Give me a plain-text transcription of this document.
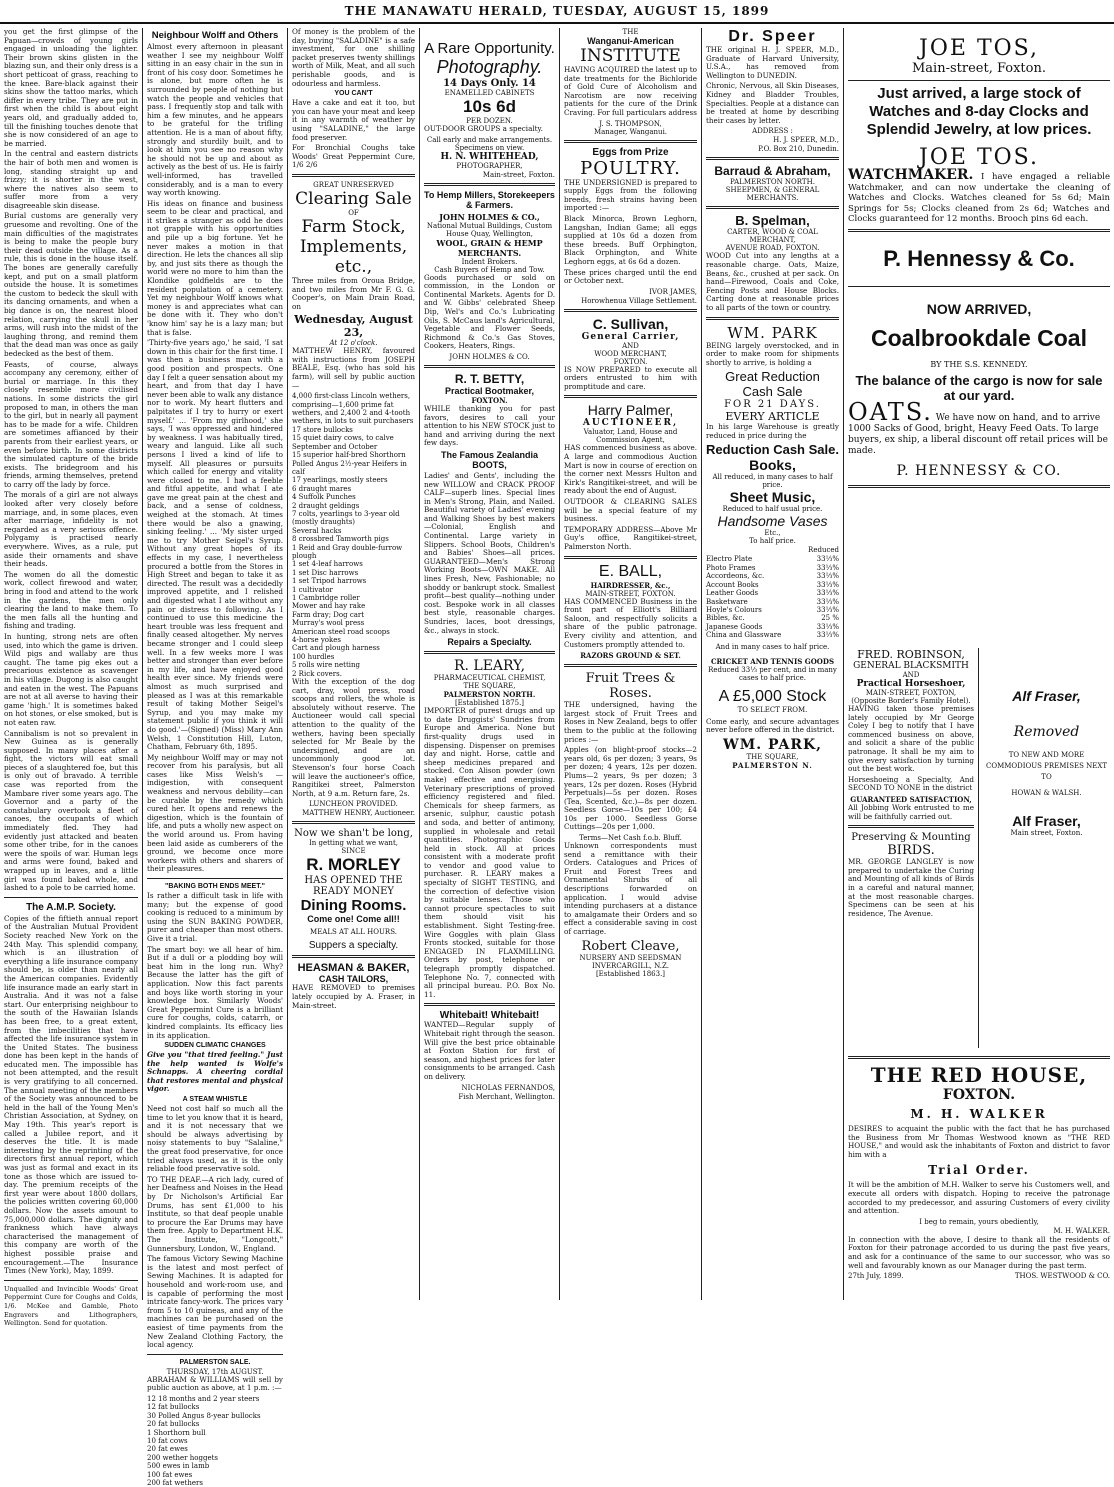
THE MANAWATU HERALD, TUESDAY, AUGUST 15, 1899

you get the first glimpse of the Papuan—crowds of young girls engaged in unloading the lighter. Their brown skins glisten in the blazing sun, and their only dress is a short petticoat of grass, reaching to the knee. Bare-black against their skins show the tattoo marks, which differ in every tribe. They are put in first when the child is about eight years old, and gradually added to, till the finishing touches denote that she is now considered of an age to be married.

In the central and eastern districts the hair of both men and women is long, standing straight up and frizzy; it is shorter in the west, where the natives also seem to suffer more from a very disagreeable skin disease.

Burial customs are generally very gruesome and revolting. One of the main difficulties of the magistrates is being to make the people bury their dead outside the village. As a rule, this is done in the house itself. The bones are generally carefully kept, and put on a small platform outside the house. It is sometimes the custom to bedeck the skull with its dancing ornaments, and when a big dance is on, the nearest blood relation, carrying the skull in her arms, will rush into the midst of the laughing throng, and remind them that the dead man was once as gaily bedecked as the best of them.

Feasts, of course, always accompany any ceremony, either of burial or marriage. In this they closely resemble more civilised nations. In some districts the girl proposed to man, in others the man to the girl, but in nearly all payment has to be made for a wife. Children are sometimes affianced by their parents from their earliest years, or even before birth. In some districts the simulated capture of the bride exists. The bridegroom and his friends, arming themselves, pretend to carry off the lady by force.

The morals of a girl are not always looked after very closely before marriage, and, in some places, even after marriage, infidelity is not regarded as a very serious offence. Polygamy is practised nearly everywhere. Wives, as a rule, put aside their ornaments and shave their heads.

The women do all the domestic work, collect firewood and water, bring in food and attend to the work in the gardens, the men only clearing the land to make them. To the men falls all the hunting and fishing and trading.

In hunting, strong nets are often used, into which the game is driven. Wild pigs and wallaby are thus caught. The tame pig ekes out a precarious existence as scavenger in his village. Dugong is also caught and eaten in the west. The Papuans are not at all averse to having their game 'high.' It is sometimes baked on hot stones, or else smoked, but is not eaten raw.

Cannibalism is not so prevalent in New Guinea as is generally supposed. In many places after a fight, the victors will eat small pieces of a slaughtered foe, but this is only out of bravado. A terrible case was reported from the Mambare river some years ago. The Governor and a party of the constabulary overtook a fleet of canoes, the occupants of which immediately fled. They had evidently just attacked and beaten some other tribe, for in the canoes were the spoils of war. Human legs and arms were found, baked and wrapped up in leaves, and a little girl was found baked whole, and lashed to a pole to be carried home.

The A.M.P. Society.

Copies of the fiftieth annual report of the Australian Mutual Provident Society reached New York on the 24th May. This splendid company, which is an illustration of everything a life insurance company should be, is older than nearly all the American companies. Evidently life insurance made an early start in Australia. And it was not a false start. Our enterprising neighbour to the south of the Hawaiian Islands has been free, to a great extent, from the imbecilities that have affected the life insurance system in the United States. The business done has been kept in the hands of educated men. The impossible has not been attempted, and the result is very gratifying to all concerned. The annual meeting of the members of the Society was announced to be held in the hall of the Young Men's Christian Association, at Sydney, on May 19th. This year's report is called a Jubilee report, and it deserves the title. It is made interesting by the reprinting of the directors first annual report, which was just as formal and exact in its tone as those which are issued to-day. The premium receipts of the first year were about 1800 dollars, the policies written covering 60,000 dollars. Now the assets amount to 75,000,000 dollars. The dignity and frankness which have always characterised the management of this company are worth of the highest possible praise and encouragement.—The Insurance Times (New York), May, 1899.

Unqualled and Invincible Woods' Great Peppermint Cure for Coughs and Colds, 1/6. McKee and Gamble, Photo Engravers and Lithographers, Wellington. Send for quotation.

Neighbour Wolff and Others

Almost every afternoon in pleasant weather I see my neighbour Wolff sitting in an easy chair in the sun in front of his cosy door. Sometimes he is alone, but more often he is surrounded by people of nothing but watch the people and vehicles that pass. I frequently stop and talk with him a few minutes, and he appears to be grateful for the trifling attention. He is a man of about fifty, strongly and sturdily built, and to look at him you see no reason why he should not be up and about as actively as the best of us. He is fairly well-informed, has travelled considerably, and is a man to every way worth knowing.

His ideas on finance and business seem to be clear and practical, and it strikes a stranger as odd he does not grapple with his opportunities and pile up a big fortune. Yet he never makes a motion in that direction. He lets the chances all slip by, and just sits there as though the world were no more to him than the Klondike goldfields are to the resident population of a cemetery. Yet my neighbour Wolff knows what money is and appreciates what can be done with it. They who don't 'know him' say he is a lazy man; but that is false.

'Thirty-five years ago,' he said, 'I sat down in this chair for the first time. I was then a business man with a good position and prospects. One day I felt a queer sensation about my heart, and from that day I have never been able to walk any distance nor to work. My heart flutters and palpitates if I try to hurry or exert myself.' … 'From my girlhood,' she says, 'I was oppressed and hindered by weakness. I was habitually tired, weary and languid. Like all such persons I lived a kind of life to myself. All pleasures or pursuits which called for energy and vitality were closed to me. I had a feeble and fitful appetite, and what I ate gave me great pain at the chest and back, and a sense of coldness, weighed at the stomach. At times there would be also a gnawing, sinking feeling.' … 'My sister urged me to try Mother Seigel's Syrup. Without any great hopes of its effects in my case, I nevertheless procured a bottle from the Stores in High Street and began to take it as directed. The result was a decidedly improved appetite, and I relished and digested what I ate without any pain or distress to following. As I continued to use this medicine the heart trouble was less frequent and finally ceased altogether. My nerves became stronger and I could sleep well. In a few weeks more I was better and stronger than ever before in my life, and have enjoyed good health ever since. My friends were almost as much surprised and pleased as I was at this remarkable result of taking Mother Seigel's Syrup, and you may make my statement public if you think it will do good.'—(Signed) (Miss) Mary Ann Welsh, 1 Constitution Hill, Luton, Chatham, February 6th, 1895.

My neighbour Wolff may or may not recover from his paralysis, but all cases like Miss Welsh's — indigestion, with consequent weakness and nervous debility—can be curable by the remedy which cured her. It opens and renews the digestion, which is the fountain of life, and puts a wholly new aspect on the world around us. From having been laid aside as cumberers of the ground, we become once more workers with others and sharers of their pleasures.

"BAKING BOTH ENDS MEET."

Is rather a difficult task in life with many; but the expense of good cooking is reduced to a minimum by using the SUN BAKING POWDER, purer and cheaper than most others. Give it a trial.

The smart boy: we all hear of him. But if a dull or a plodding boy will beat him in the long run. Why? Because the latter has the gift of application. Now this fact parents and boys like worth storing in your knowledge box. Similarly Woods' Great Peppermint Cure is a brilliant cure for coughs, colds, catarrh, or kindred complaints. Its efficacy lies in its application.

SUDDEN CLIMATIC CHANGES

Give you "that tired feeling." Just the help wanted is Wolfe's Schnapps. A cheering cordial that restores mental and physical vigor.

A STEAM WHISTLE

Need not cost half so much all the time to let you know that it is heard, and it is not necessary that we should be always advertising by noisy statements to buy "Salaline," the great food preservative, for once tried always used, as it is the only reliable food preservative sold.

TO THE DEAF.—A rich lady, cured of her Deafness and Noises in the Head by Dr Nicholson's Artificial Ear Drums, has sent £1,000 to his Institute, so that deaf people unable to procure the Ear Drums may have them free. Apply to Department H.K. The Institute, "Longcott," Gunnersbury, London, W., England.

The famous Victory Sewing Machine is the latest and most perfect of Sewing Machines. It is adapted for household and work-room use, and is capable of performing the most intricate fancy-work. The prices vary from 5 to 10 guineas, and any of the machines can be purchased on the easiest of time payments from the New Zealand Clothing Factory, the local agency.

PALMERSTON SALE.
THURSDAY, 17th AUGUST.

ABRAHAM & WILLIAMS will sell by public auction as above, at 1 p.m. :—

12 18 months and 2 year steers
12 fat bullocks
30 Polled Angus 8-year bullocks
20 fat bullocks
1 Shorthorn bull
10 fat cows
20 fat ewes
200 wether hoggets
500 ewes in lamb
100 fat ewes
200 fat wethers

Of money is the problem of the day, buying "SALADINE" is a safe investment, for one shilling packet preserves twenty shillings worth of Milk, Meat, and all such perishable goods, and is odourless and harmless.

YOU CAN'T

Have a cake and eat it too, but you can have your meat and keep it in any warmth of weather by using "SALADINE," the large food preserver.

For Bronchial Coughs take Woods' Great Peppermint Cure, 1/6 2/6

GREAT UNRESERVED
Clearing Sale
OF
Farm Stock, Implements, etc.,

Three miles from Oroua Bridge, and two miles from Mr F. G. G. Cooper's, on Main Drain Road, on

Wednesday, August 23,
At 12 o'clock.

MATTHEW HENRY, favoured with instructions from JOSEPH BEALE, Esq. (who has sold his farm), will sell by public auction—

4,000 first-class Lincoln wethers, comprising—1,600 prime fat wethers, and 2,400 2 and 4-tooth wethers, in lots to suit purchasers
17 store bullocks
15 quiet dairy cows, to calve September and October
15 superior half-bred Shorthorn Polled Angus 2½-year Heifers in calf
17 yearlings, mostly steers
6 draught mares
4 Suffolk Punches
2 draught geldings
7 colts, yearlings to 3-year old (mostly draughts)
Several hacks
8 crossbred Tamworth pigs
1 Reid and Gray double-furrow plough
1 set 4-leaf harrows
1 set Disc harrows
1 set Tripod harrows
1 cultivator
1 Cambridge roller
Mower and hay rake
Farm dray; Dog cart
Murray's wool press
American steel road scoops
4-horse yokes
Cart and plough harness
100 hurdles
5 rolls wire netting
2 Rick covers.

With the exception of the dog cart, dray, wool press, road scoops and rollers, the whole is absolutely without reserve. The Auctioneer would call special attention to the quality of the wethers, having been specially selected for Mr Beale by the undersigned, and are an uncommonly good lot. Stevenson's four horse Coach will leave the auctioneer's office, Rangitikei street, Palmerston North, at 9 a.m. Return fare, 2s.

LUNCHEON PROVIDED.
MATTHEW HENRY, Auctioneer.
Now we shan't be long,
In getting what we want,
SINCE
R. MORLEY
HAS OPENED THE
READY MONEY
Dining Rooms.
Come one! Come all!!
MEALS AT ALL HOURS.
Suppers a specialty.
HEASMAN & BAKER,
CASH TAILORS,

HAVE REMOVED to premises lately occupied by A. Fraser, in Main-street.

A Rare Opportunity.
Photography.
14 Days Only. 14
ENAMELLED CABINETS
10s 6d
PER DOZEN.

OUT-DOOR GROUPS a specialty.

Call early and make arrangements.
Specimens on view.
H. N. WHITEHEAD,
PHOTOGRAPHER,
Main-street, Foxton.
To Hemp Millers, Storekeepers & Farmers.
JOHN HOLMES & CO.,
National Mutual Buildings, Custom House Quay, Wellington,
WOOL, GRAIN & HEMP MERCHANTS.
Indent Brokers.
Cash Buyers of Hemp and Tow.

Goods purchased or sold on commission, in the London or Continental Markets. Agents for D. and W. Gibbs' celebrated Sheep Dip, Wel's and Co.'s Lubricating Oils, S. McCaus land's Agricultural, Vegetable and Flower Seeds, Richmond & Co.'s Gas Stoves, Cookers, Heaters, Rings.

JOHN HOLMES & CO.
R. T. BETTY,
Practical Bootmaker,
FOXTON.

WHILE thanking you for past favors, desires to call your attention to his NEW STOCK just to hand and arriving during the next few days.

The Famous Zealandia BOOTS,

Ladies' and Gents', including the new WILLOW and CRACK PROOF CALF—superb lines. Special lines in Men's Strong, Plain, and Nailed. Beautiful variety of Ladies' evening and Walking Shoes by best makers—Colonial, English and Continental. Large variety in Slippers. School Boots, Children's and Babies' Shoes—all prices. GUARANTEED—Men's Strong Working Boots—OWN MAKE. All lines Fresh, New, Fashionable; no shoddy or bankrupt stock. Smallest profit—best quality—nothing under cost. Bespoke work in all classes best style, reasonable charges. Sundries, laces, boot dressings, &c., always in stock.

Repairs a Specialty.
R. LEARY,
PHARMACEUTICAL CHEMIST,
THE SQUARE,
PALMERSTON NORTH.
[Established 1875.]

IMPORTER of purest drugs and up to date Druggists' Sundries from Europe and America. None but first-quality drugs used in dispensing. Dispenser on premises day and night. Horse, cattle and sheep medicines prepared and stocked. Con Alison powder (own make) effective and energising. Veterinary prescriptions of proved efficiency registered and filed. Chemicals for sheep farmers, as arsenic, sulphur, caustic potash and soda, and better of antimony, supplied in wholesale and retail quantities. Photographic Goods held in stock. All at prices consistent with a moderate profit to vendor and good value to purchaser. R. LEARY makes a specialty of SIGHT TESTING, and the correction of defective vision by suitable lenses. Those who cannot procure spectacles to suit them should visit his establishment. Sight Testing-free. Wire Goggles with plain Glass Fronts stocked, suitable for those ENGAGED IN FLAXMILLING. Orders by post, telephone or telegraph promptly dispatched. Telephone No. 7, connected with all principal bureau. P.O. Box No. 11.

Whitebait! Whitebait!

WANTED—Regular supply of Whitebait right through the season. Will give the best price obtainable at Foxton Station for first of season, and highest prices for later consignments to be arranged. Cash on delivery.

NICHOLAS FERNANDOS,
Fish Merchant, Wellington.
THE
Wanganui-American
INSTITUTE

HAVING ACQUIRED the latest up to date treatments for the Bichloride of Gold Cure of Alcoholism and Narcotism are now receiving patients for the cure of the Drink Craving. For full particulars address

J. S. THOMPSON,
Manager, Wanganui.
Eggs from Prize
POULTRY.

THE UNDERSIGNED is prepared to supply Eggs from the following breeds, fresh strains having been imported :—

Black Minorca, Brown Leghorn, Langshan, Indian Game; all eggs supplied at 10s 6d a dozen from these breeds. Buff Orphington, Black Orphington, and White Leghorn eggs, at 6s 6d a dozen.

These prices charged until the end or October next.

IVOR JAMES,
Horowhenua Village Settlement.
C. Sullivan,
General Carrier,
AND
WOOD MERCHANT,
FOXTON.

IS NOW PREPARED to execute all orders entrusted to him with promptitude and care.

Harry Palmer,
AUCTIONEER,
Valuator, Land, House and Commission Agent,

HAS commenced business as above. A large and commodious Auction Mart is now in course of erection on the corner next Messrs Hulton and Kirk's Rangitikei-street, and will be ready about the end of August.

OUTDOOR & CLEARING SALES will be a special feature of my business.

TEMPORARY ADDRESS—Above Mr Guy's office, Rangitikei-street, Palmerston North.

E. BALL,
HAIRDRESSER, &c.,
MAIN-STREET, FOXTON.

HAS COMMENCED Business in the front part of Elliott's Billiard Saloon, and respectfully solicits a share of the public patronage. Every civility and attention, and Customers promptly attended to.

RAZORS GROUND & SET.
Fruit Trees & Roses.

THE undersigned, having the largest stock of Fruit Trees and Roses in New Zealand, begs to offer them to the public at the following prices :—

Apples (on blight-proof stocks—2 years old, 6s per dozen; 3 years, 9s per dozen; 4 years, 12s per dozen. Plums—2 years, 9s per dozen; 3 years, 12s per dozen. Roses (Hybrid Perpetuals)—5s per dozen. Roses (Tea, Scented, &c.)—8s per dozen. Seedless Gorse—10s per 100; £4 10s per 1000. Seedless Gorse Cuttings—20s per 1,000.

Terms—Net Cash f.o.b. Bluff.

Unknown correspondents must send a remittance with their Orders. Catalogues and Prices of Fruit and Forest Trees and Ornamental Shrubs of all descriptions forwarded on application. I would advise intending purchasers at a distance to amalgamate their Orders and so effect a considerable saving in cost of carriage.

Robert Cleave,
NURSERY AND SEEDSMAN
INVERCARGILL, N.Z.
[Established 1863.]
Dr. Speer

THE original H. J. SPEER, M.D., Graduate of Harvard University, U.S.A., has removed from Wellington to DUNEDIN.

Chronic, Nervous, all Skin Diseases, Kidney and Bladder Troubles, Specialties. People at a distance can be treated at home by describing their cases by letter.

ADDRESS :
H. J. SPEER, M.D.,
P.O. Box 210, Dunedin.
Barraud & Abraham,
PALMERSTON NORTH.
SHEEPMEN, & GENERAL MERCHANTS.
B. Spelman,
CARTER, WOOD & COAL MERCHANT,
AVENUE ROAD, FOXTON.

WOOD Cut into any lengths at a reasonable charge. Oats, Maize, Beans, &c., crushed at per sack. On hand—Firewood, Coals and Coke, Fencing Posts and House Blocks. Carting done at reasonable prices to all parts of the town or country.

WM. PARK

BEING largely overstocked, and in order to make room for shipments shortly to arrive, is holding a

Great Reduction
Cash Sale
FOR 21 DAYS.
EVERY ARTICLE

In his large Warehouse is greatly reduced in price during the

Reduction Cash Sale.
Books,
All reduced, in many cases to half price.
Sheet Music,
Reduced to half usual price.
Handsome Vases
Etc.,
To half price.
Reduced
Electro Plate	33⅓%
Photo Frames	33⅓%
Accordeons, &c.	33⅓%
Account Books	33⅓%
Leather Goods	33⅓%
Basketware	33⅓%
Hoyle's Colours	33⅓%
Bibles, &c.	25 %
Japanese Goods	33⅓%
China and Glassware	33⅓%
And in many cases to half price.
CRICKET AND TENNIS GOODS
Reduced 33⅓ per cent, and in many cases to half price.
A £5,000 Stock
TO SELECT FROM.

Come early, and secure advantages never before offered in the district.

WM. PARK,
THE SQUARE,
PALMERSTON N.
JOE TOS,
Main-street, Foxton.
Just arrived, a large stock of Watches and 8-day Clocks and Splendid Jewelry, at low prices.
JOE TOS.
WATCHMAKER. I have engaged a reliable Watchmaker, and can now undertake the cleaning of Watches and Clocks. Watches cleaned for 5s 6d; Main Springs for 5s; Clocks cleaned from 2s 6d; Watches and Clocks guaranteed for 12 months. Brooch pins 6d each.
P. Hennessy & Co.
NOW ARRIVED,
Coalbrookdale Coal
BY THE S.S. KENNEDY.
The balance of the cargo is now for sale at our yard.
OATS. We have now on hand, and to arrive 1000 Sacks of Good, bright, Heavy Feed Oats. To large buyers, ex ship, a liberal discount off retail prices will be made.
P. HENNESSY & CO.
FRED. ROBINSON,
GENERAL BLACKSMITH
AND
Practical Horseshoer,
MAIN-STREET, FOXTON, (Opposite Border's Family Hotel).

HAVING taken those premises lately occupied by Mr George Coley I beg to notify that I have commenced business on above, and solicit a share of the public patronage. It shall be my aim to give every satisfaction by turning out the best work.

Horseshoeing a Specialty, And SECOND TO NONE in the district

GUARANTEED SATISFACTION,

All Jobbing Work entrusted to me will be faithfully carried out.

Preserving & Mounting
BIRDS.

MR. GEORGE LANGLEY is now prepared to undertake the Curing and Mounting of all kinds of Birds in a careful and natural manner, at the most reasonable charges. Specimens can be seen at his residence, The Avenue.

Alf Fraser,
Removed
TO NEW AND MORE COMMODIOUS PREMISES NEXT TO
HOWAN & WALSH.
Alf Fraser,
Main street, Foxton.
THE RED HOUSE,
FOXTON.
M. H. WALKER

DESIRES to acquaint the public with the fact that he has purchased the Business from Mr Thomas Westwood known as "THE RED HOUSE," and would ask the inhabitants of Foxton and district to favor him with a

Trial Order.

It will be the ambition of M.H. Walker to serve his Customers well, and execute all orders with dispatch. Hoping to receive the patronage accorded to my predecessor, and assuring Customers of every civility and attention.

I beg to remain, yours obediently,
M. H. WALKER.

In connection with the above, I desire to thank all the residents of Foxton for their patronage accorded to us during the past five years, and ask for a continuance of the same to our successor, who was so well and favourably known as our Manager during the past term.

27th July, 1899.	THOS. WESTWOOD & CO.
